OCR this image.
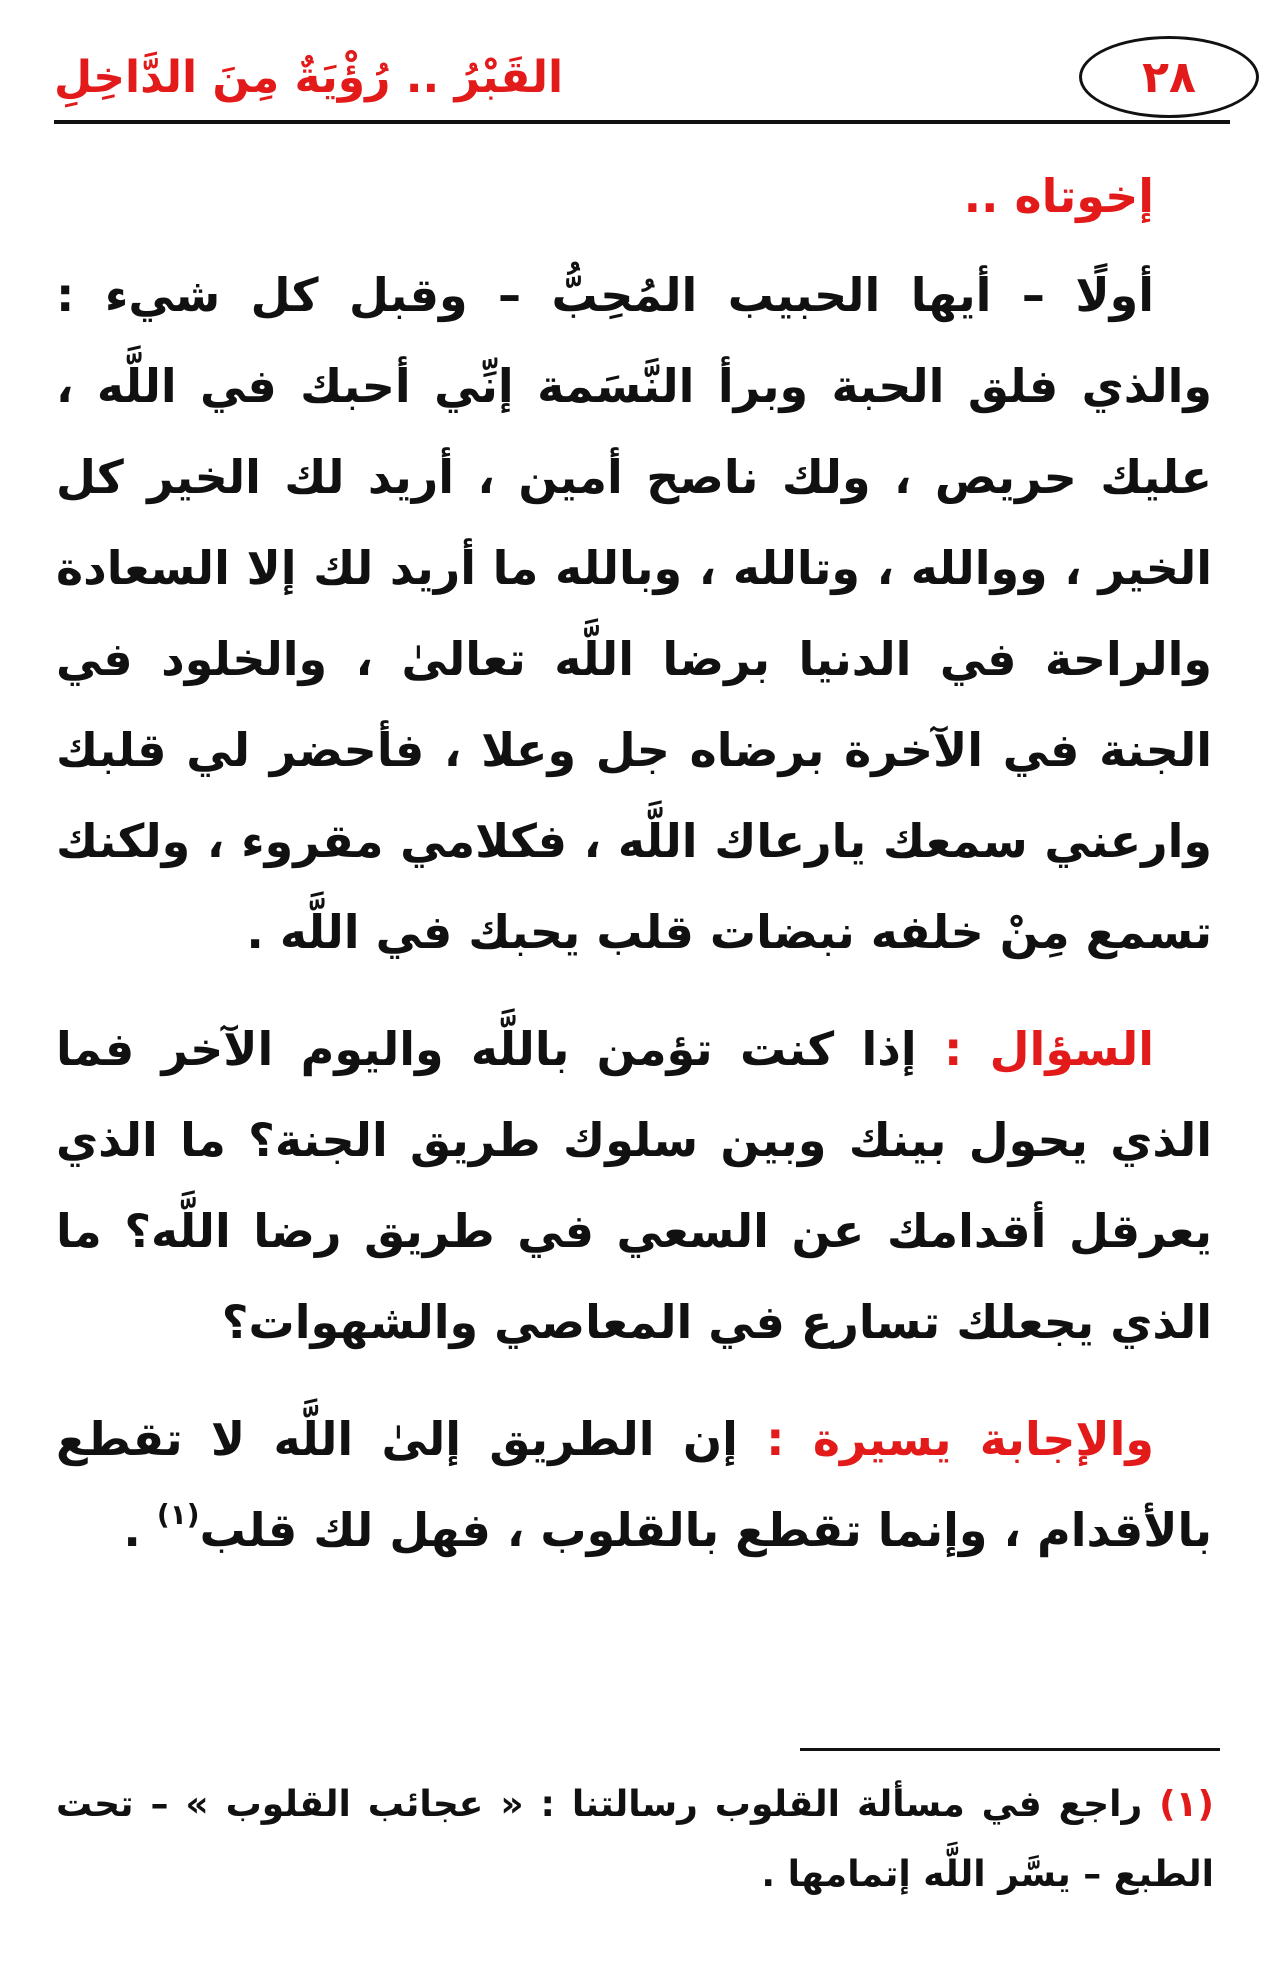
٢٨
القَبْرُ .. رُؤْيَةٌ مِنَ الدَّاخِلِ
إخوتاه ..

أولًا – أيها الحبيب المُحِبُّ – وقبل كل شيء : والذي فلق الحبة وبرأ النَّسَمة إنِّي أحبك في اللَّه ، عليك حريص ، ولك ناصح أمين ، أريد لك الخير كل الخير ، ووالله ، وتالله ، وبالله ما أريد لك إلا السعادة والراحة في الدنيا برضا اللَّه تعالىٰ ، والخلود في الجنة في الآخرة برضاه جل وعلا ، فأحضر لي قلبك وارعني سمعك يارعاك اللَّه ، فكلامي مقروء ، ولكنك تسمع مِنْ خلفه نبضات قلب يحبك في اللَّه .

السؤال : إذا كنت تؤمن باللَّه واليوم الآخر فما الذي يحول بينك وبين سلوك طريق الجنة؟ ما الذي يعرقل أقدامك عن السعي في طريق رضا اللَّه؟ ما الذي يجعلك تسارع في المعاصي والشهوات؟

والإجابة يسيرة : إن الطريق إلىٰ اللَّه لا تقطع بالأقدام ، وإنما تقطع بالقلوب ، فهل لك قلب$^{(١)}$ .

(١) راجع في مسألة القلوب رسالتنا : « عجائب القلوب » – تحت الطبع – يسَّر اللَّه إتمامها .
